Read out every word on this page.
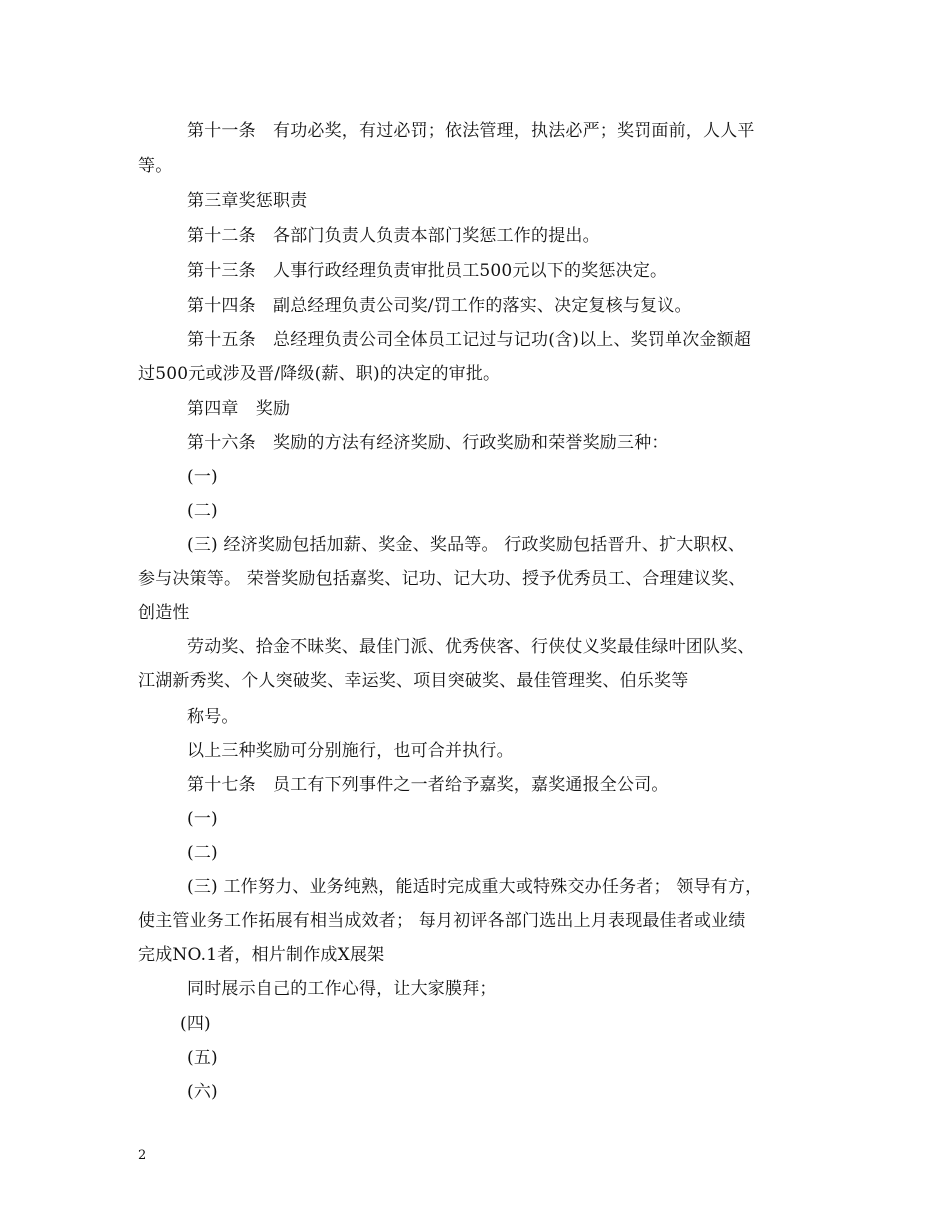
第十一条　有功必奖，有过必罚；依法管理，执法必严；奖罚面前，人人平
等。
第三章奖惩职责
第十二条　各部门负责人负责本部门奖惩工作的提出。
第十三条　人事行政经理负责审批员工500元以下的奖惩决定。
第十四条　副总经理负责公司奖/罚工作的落实、决定复核与复议。
第十五条　总经理负责公司全体员工记过与记功(含)以上、奖罚单次金额超
过500元或涉及晋/降级(薪、职)的决定的审批。
第四章　奖励
第十六条　奖励的方法有经济奖励、行政奖励和荣誉奖励三种：
(一)
(二)
(三) 经济奖励包括加薪、奖金、奖品等。 行政奖励包括晋升、扩大职权、
参与决策等。 荣誉奖励包括嘉奖、记功、记大功、授予优秀员工、合理建议奖、
创造性
劳动奖、拾金不昧奖、最佳门派、优秀侠客、行侠仗义奖最佳绿叶团队奖、
江湖新秀奖、个人突破奖、幸运奖、项目突破奖、最佳管理奖、伯乐奖等
称号。
以上三种奖励可分别施行，也可合并执行。
第十七条　员工有下列事件之一者给予嘉奖，嘉奖通报全公司。
(一)
(二)
(三) 工作努力、业务纯熟，能适时完成重大或特殊交办任务者； 领导有方，
使主管业务工作拓展有相当成效者； 每月初评各部门选出上月表现最佳者或业绩
完成NO.1者，相片制作成X展架
同时展示自己的工作心得，让大家膜拜；
(四)
(五)
(六)
2
